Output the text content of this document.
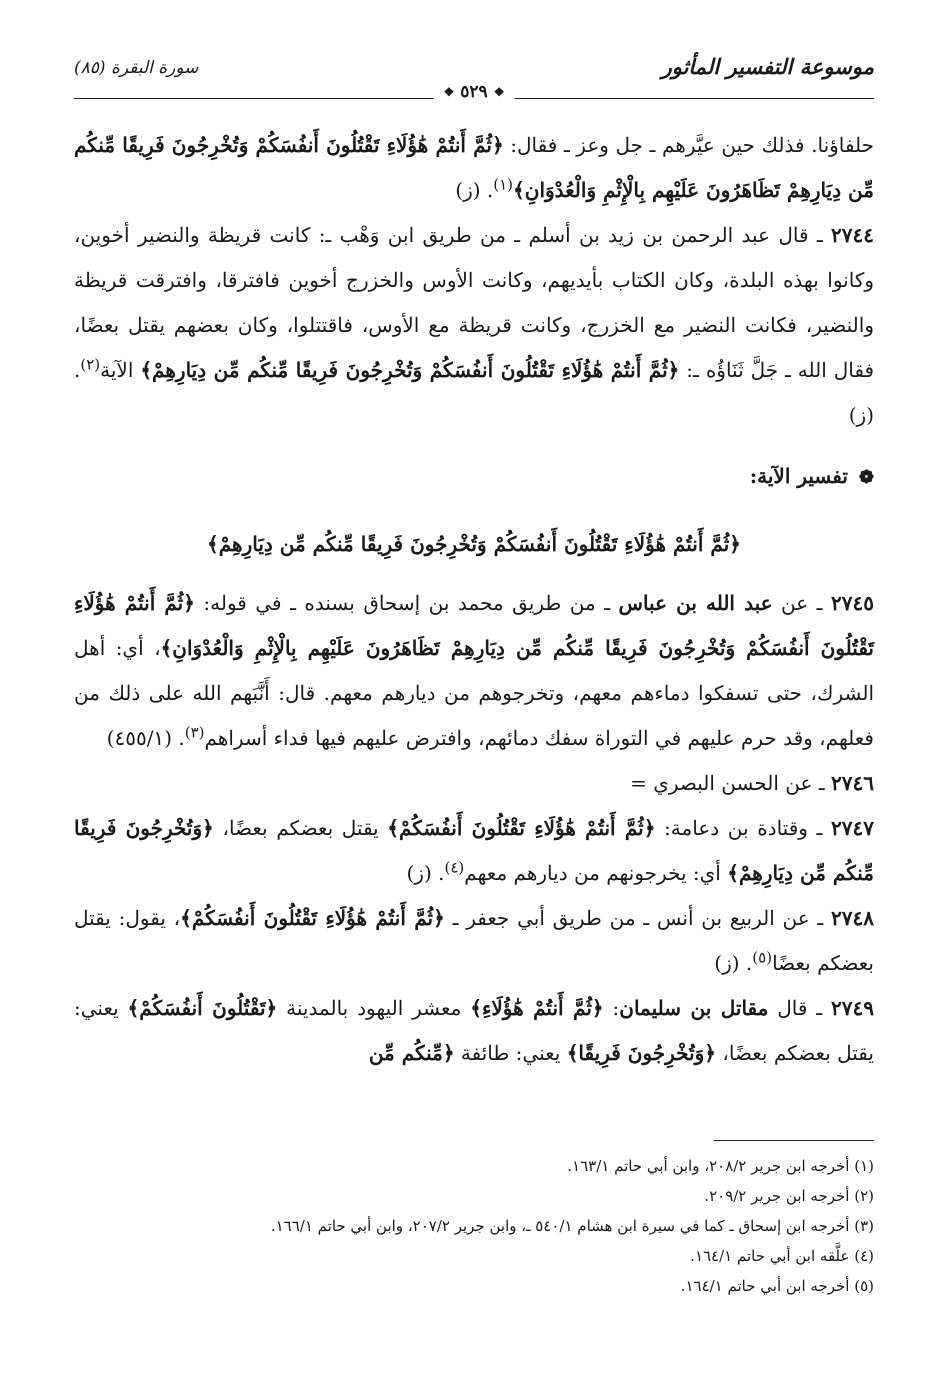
موسوعة التفسير المأثور
❖
٥٢٩
❖
سورة البقرة (٨٥)

حلفاؤنا. فذلك حين عيَّرهم ـ جل وعز ـ فقال: ﴿ثُمَّ أَنتُمْ هَٰؤُلَاءِ تَقْتُلُونَ أَنفُسَكُمْ وَتُخْرِجُونَ فَرِيقًا مِّنكُم مِّن دِيَارِهِمْ تَظَاهَرُونَ عَلَيْهِم بِالْإِثْمِ وَالْعُدْوَانِ﴾$^{(١)}$. (ز)

٢٧٤٤ ـ قال عبد الرحمن بن زيد بن أسلم ـ من طريق ابن وَهْب ـ: كانت قريظة والنضير أخوين، وكانوا بهذه البلدة، وكان الكتاب بأيديهم، وكانت الأوس والخزرج أخوين فافترقا، وافترقت قريظة والنضير، فكانت النضير مع الخزرج، وكانت قريظة مع الأوس، فاقتتلوا، وكان بعضهم يقتل بعضًا، فقال الله ـ جَلَّ ثَنَاؤُه ـ: ﴿ثُمَّ أَنتُمْ هَٰؤُلَاءِ تَقْتُلُونَ أَنفُسَكُمْ وَتُخْرِجُونَ فَرِيقًا مِّنكُم مِّن دِيَارِهِمْ﴾ الآية$^{(٢)}$. (ز)

❁ تفسير الآية:
﴿ثُمَّ أَنتُمْ هَٰؤُلَاءِ تَقْتُلُونَ أَنفُسَكُمْ وَتُخْرِجُونَ فَرِيقًا مِّنكُم مِّن دِيَارِهِمْ﴾

٢٧٤٥ ـ عن عبد الله بن عباس ـ من طريق محمد بن إسحاق بسنده ـ في قوله: ﴿ثُمَّ أَنتُمْ هَٰؤُلَاءِ تَقْتُلُونَ أَنفُسَكُمْ وَتُخْرِجُونَ فَرِيقًا مِّنكُم مِّن دِيَارِهِمْ تَظَاهَرُونَ عَلَيْهِم بِالْإِثْمِ وَالْعُدْوَانِ﴾، أي: أهل الشرك، حتى تسفكوا دماءهم معهم، وتخرجوهم من ديارهم معهم. قال: أَنَّبَهم الله على ذلك من فعلهم، وقد حرم عليهم في التوراة سفك دمائهم، وافترض عليهم فيها فداء أسراهم$^{(٣)}$. (٤٥٥/١)

٢٧٤٦ ـ عن الحسن البصري =

٢٧٤٧ ـ وقتادة بن دعامة: ﴿ثُمَّ أَنتُمْ هَٰؤُلَاءِ تَقْتُلُونَ أَنفُسَكُمْ﴾ يقتل بعضكم بعضًا، ﴿وَتُخْرِجُونَ فَرِيقًا مِّنكُم مِّن دِيَارِهِمْ﴾ أي: يخرجونهم من ديارهم معهم$^{(٤)}$. (ز)

٢٧٤٨ ـ عن الربيع بن أنس ـ من طريق أبي جعفر ـ ﴿ثُمَّ أَنتُمْ هَٰؤُلَاءِ تَقْتُلُونَ أَنفُسَكُمْ﴾، يقول: يقتل بعضكم بعضًا$^{(٥)}$. (ز)

٢٧٤٩ ـ قال مقاتل بن سليمان: ﴿ثُمَّ أَنتُمْ هَٰؤُلَاءِ﴾ معشر اليهود بالمدينة ﴿تَقْتُلُونَ أَنفُسَكُمْ﴾ يعني: يقتل بعضكم بعضًا، ﴿وَتُخْرِجُونَ فَرِيقًا﴾ يعني: طائفة ﴿مِّنكُم مِّن

(١) أخرجه ابن جرير ٢٠٨/٢، وابن أبي حاتم ١٦٣/١.

(٢) أخرجه ابن جرير ٢٠٩/٢.

(٣) أخرجه ابن إسحاق ـ كما في سيرة ابن هشام ٥٤٠/١ ـ، وابن جرير ٢٠٧/٢، وابن أبي حاتم ١٦٦/١.

(٤) علَّقه ابن أبي حاتم ١٦٤/١.

(٥) أخرجه ابن أبي حاتم ١٦٤/١.
